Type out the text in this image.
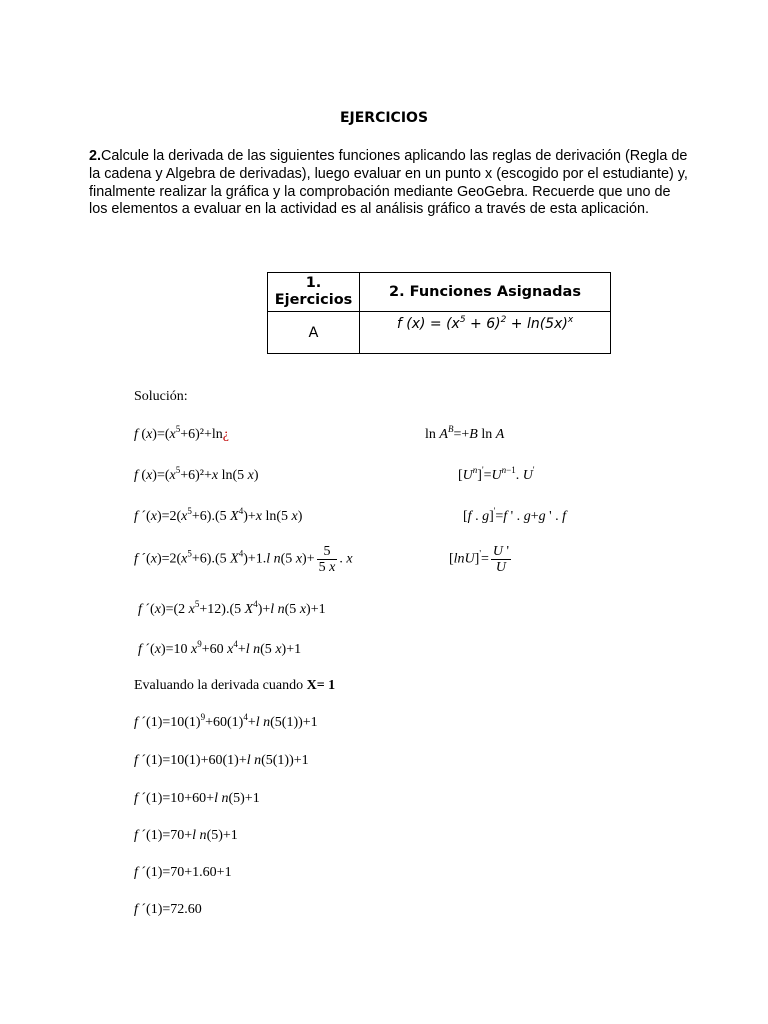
EJERCICIOS
2.Calcule la derivada de las siguientes funciones aplicando las reglas de derivación (Regla de la cadena y Algebra de derivadas), luego evaluar en un punto x (escogido por el estudiante) y, finalmente realizar la gráfica y la comprobación mediante GeoGebra. Recuerde que uno de los elementos a evaluar en la actividad es al análisis gráfico a través de esta aplicación.
1. Ejercicios	2. Funciones Asignadas
A	f $(x) = (x^5 + 6)^2 + \ln(5x)^x$
Solución:
f $(x)=(x^5+6)^2+\ln¿$
f $(x)=(x^5+6)^2+x$ ln(5 x)
f $´(x)=2(x^5+6).(5$ $X^4)+x$ ln(5 x)
f $´(x)=2(x^5+6).(5$ $X^4)+1.l$ n(5 $x)+ \frac{5}{5 x}$ . x
f ´(x)=(2 $x^5+12).(5$ $X^4)+l$ n(5 x)+1
f ´(x)=10 $x^9+60$ $x^4+l$ n(5 x)+1
$\ln A^B=+B$ ln A
$[U^n]'=U^{n-1}$. U'
[f . g]'=f ' . g+g ' . f
$[\ln U]'= \frac{U '}{U}$
Evaluando la derivada cuando X= 1
f $´(1)=10(1)^9+60(1)^4+l$ n(5(1))+1
f ´(1)=10(1)+60(1)+l n(5(1))+1
f ´(1)=10+60+l n(5)+1
f ´(1)=70+l n(5)+1
f ´(1)=70+1.60+1
f ´(1)=72.60
